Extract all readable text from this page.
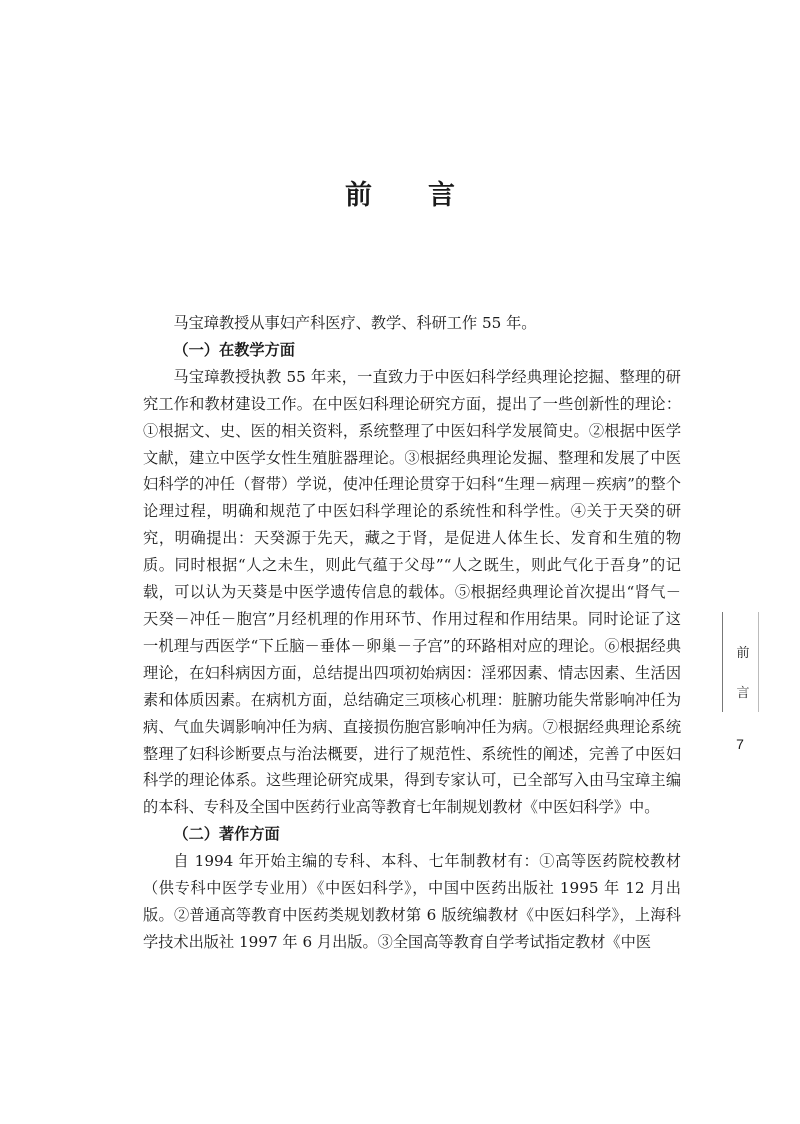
前言

马宝璋教授从事妇产科医疗、教学、科研工作 55 年。

（一）在教学方面

马宝璋教授执教 55 年来，一直致力于中医妇科学经典理论挖掘、整理的研究工作和教材建设工作。在中医妇科理论研究方面，提出了一些创新性的理论：①根据文、史、医的相关资料，系统整理了中医妇科学发展简史。②根据中医学文献，建立中医学女性生殖脏器理论。③根据经典理论发掘、整理和发展了中医妇科学的冲任（督带）学说，使冲任理论贯穿于妇科“生理－病理－疾病”的整个论理过程，明确和规范了中医妇科学理论的系统性和科学性。④关于天癸的研究，明确提出：天癸源于先天，藏之于肾，是促进人体生长、发育和生殖的物质。同时根据“人之未生，则此气蕴于父母”“人之既生，则此气化于吾身”的记载，可以认为天葵是中医学遗传信息的载体。⑤根据经典理论首次提出“肾气－天癸－冲任－胞宫”月经机理的作用环节、作用过程和作用结果。同时论证了这一机理与西医学“下丘脑－垂体－卵巢－子宫”的环路相对应的理论。⑥根据经典理论，在妇科病因方面，总结提出四项初始病因：淫邪因素、情志因素、生活因素和体质因素。在病机方面，总结确定三项核心机理：脏腑功能失常影响冲任为病、气血失调影响冲任为病、直接损伤胞宫影响冲任为病。⑦根据经典理论系统整理了妇科诊断要点与治法概要，进行了规范性、系统性的阐述，完善了中医妇科学的理论体系。这些理论研究成果，得到专家认可，已全部写入由马宝璋主编的本科、专科及全国中医药行业高等教育七年制规划教材《中医妇科学》中。

（二）著作方面

自 1994 年开始主编的专科、本科、七年制教材有：①高等医药院校教材（供专科中医学专业用）《中医妇科学》，中国中医药出版社 1995 年 12 月出版。②普通高等教育中医药类规划教材第 6 版统编教材《中医妇科学》，上海科学技术出版社 1997 年 6 月出版。③全国高等教育自学考试指定教材《中医

前
言
7
